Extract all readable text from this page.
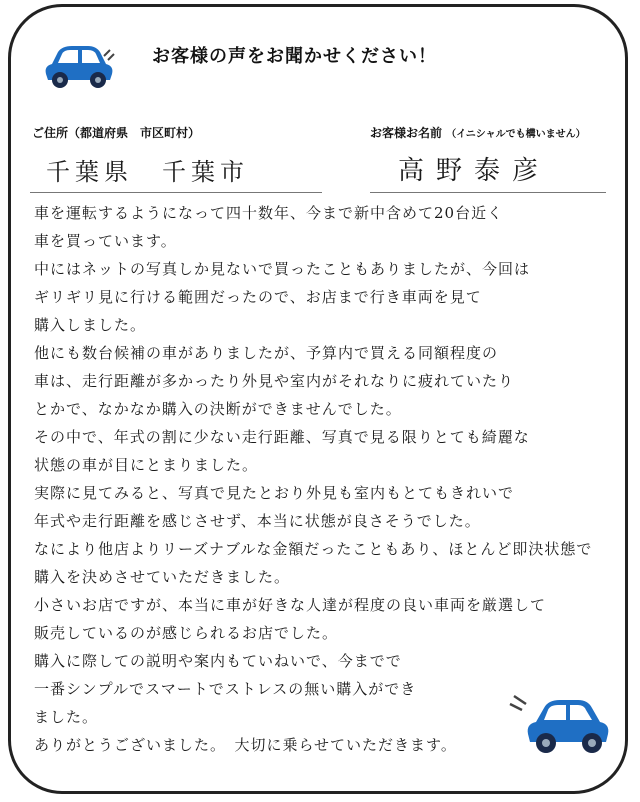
お客様の声をお聞かせください！
ご住所（都道府県　市区町村）	お客様お名前 （イニシャルでも構いません）
千葉県　千葉市	高野泰彦
車を運転するようになって四十数年、今まで新中含めて20台近く
車を買っています。
中にはネットの写真しか見ないで買ったこともありましたが、今回は
ギリギリ見に行ける範囲だったので、お店まで行き車両を見て
購入しました。
他にも数台候補の車がありましたが、予算内で買える同額程度の
車は、走行距離が多かったり外見や室内がそれなりに疲れていたり
とかで、なかなか購入の決断ができませんでした。
その中で、年式の割に少ない走行距離、写真で見る限りとても綺麗な
状態の車が目にとまりました。
実際に見てみると、写真で見たとおり外見も室内もとてもきれいで
年式や走行距離を感じさせず、本当に状態が良さそうでした。
なにより他店よりリーズナブルな金額だったこともあり、ほとんど即決状態で
購入を決めさせていただきました。
小さいお店ですが、本当に車が好きな人達が程度の良い車両を厳選して
販売しているのが感じられるお店でした。
購入に際しての説明や案内もていねいで、今までで
一番シンプルでスマートでストレスの無い購入ができ
ました。
ありがとうございました。　大切に乗らせていただきます。
